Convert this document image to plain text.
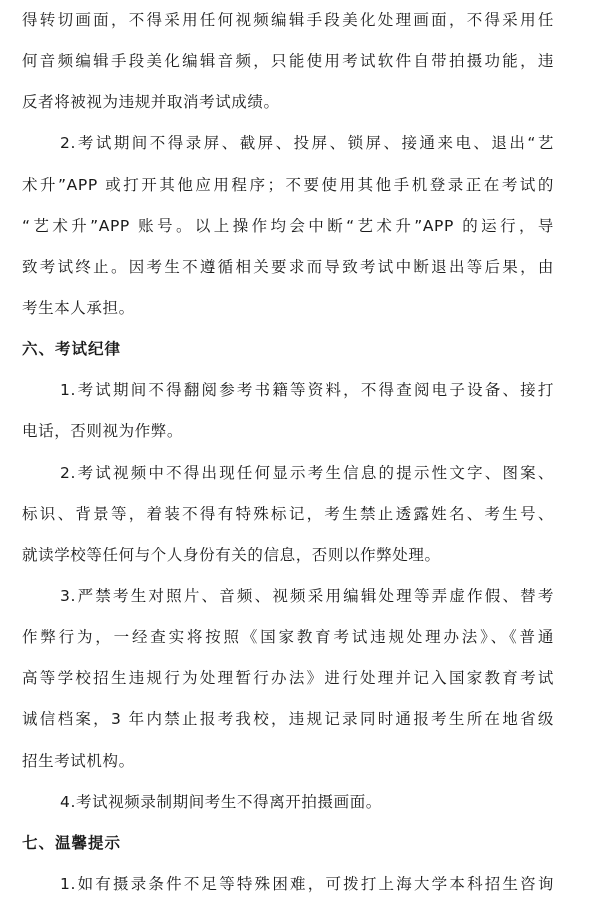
得转切画面，不得采用任何视频编辑手段美化处理画面，不得采用任
何音频编辑手段美化编辑音频，只能使用考试软件自带拍摄功能，违
反者将被视为违规并取消考试成绩。
2.考试期间不得录屏、截屏、投屏、锁屏、接通来电、退出“艺
术升”APP 或打开其他应用程序；不要使用其他手机登录正在考试的
“艺术升”APP 账号。以上操作均会中断“艺术升”APP 的运行，导
致考试终止。因考生不遵循相关要求而导致考试中断退出等后果，由
考生本人承担。
六、考试纪律
1.考试期间不得翻阅参考书籍等资料，不得查阅电子设备、接打
电话，否则视为作弊。
2.考试视频中不得出现任何显示考生信息的提示性文字、图案、
标识、背景等，着装不得有特殊标记，考生禁止透露姓名、考生号、
就读学校等任何与个人身份有关的信息，否则以作弊处理。
3.严禁考生对照片、音频、视频采用编辑处理等弄虚作假、替考
作弊行为，一经查实将按照《国家教育考试违规处理办法》、《普通
高等学校招生违规行为处理暂行办法》进行处理并记入国家教育考试
诚信档案，3 年内禁止报考我校，违规记录同时通报考生所在地省级
招生考试机构。
4.考试视频录制期间考生不得离开拍摄画面。
七、温馨提示
1.如有摄录条件不足等特殊困难，可拨打上海大学本科招生咨询
